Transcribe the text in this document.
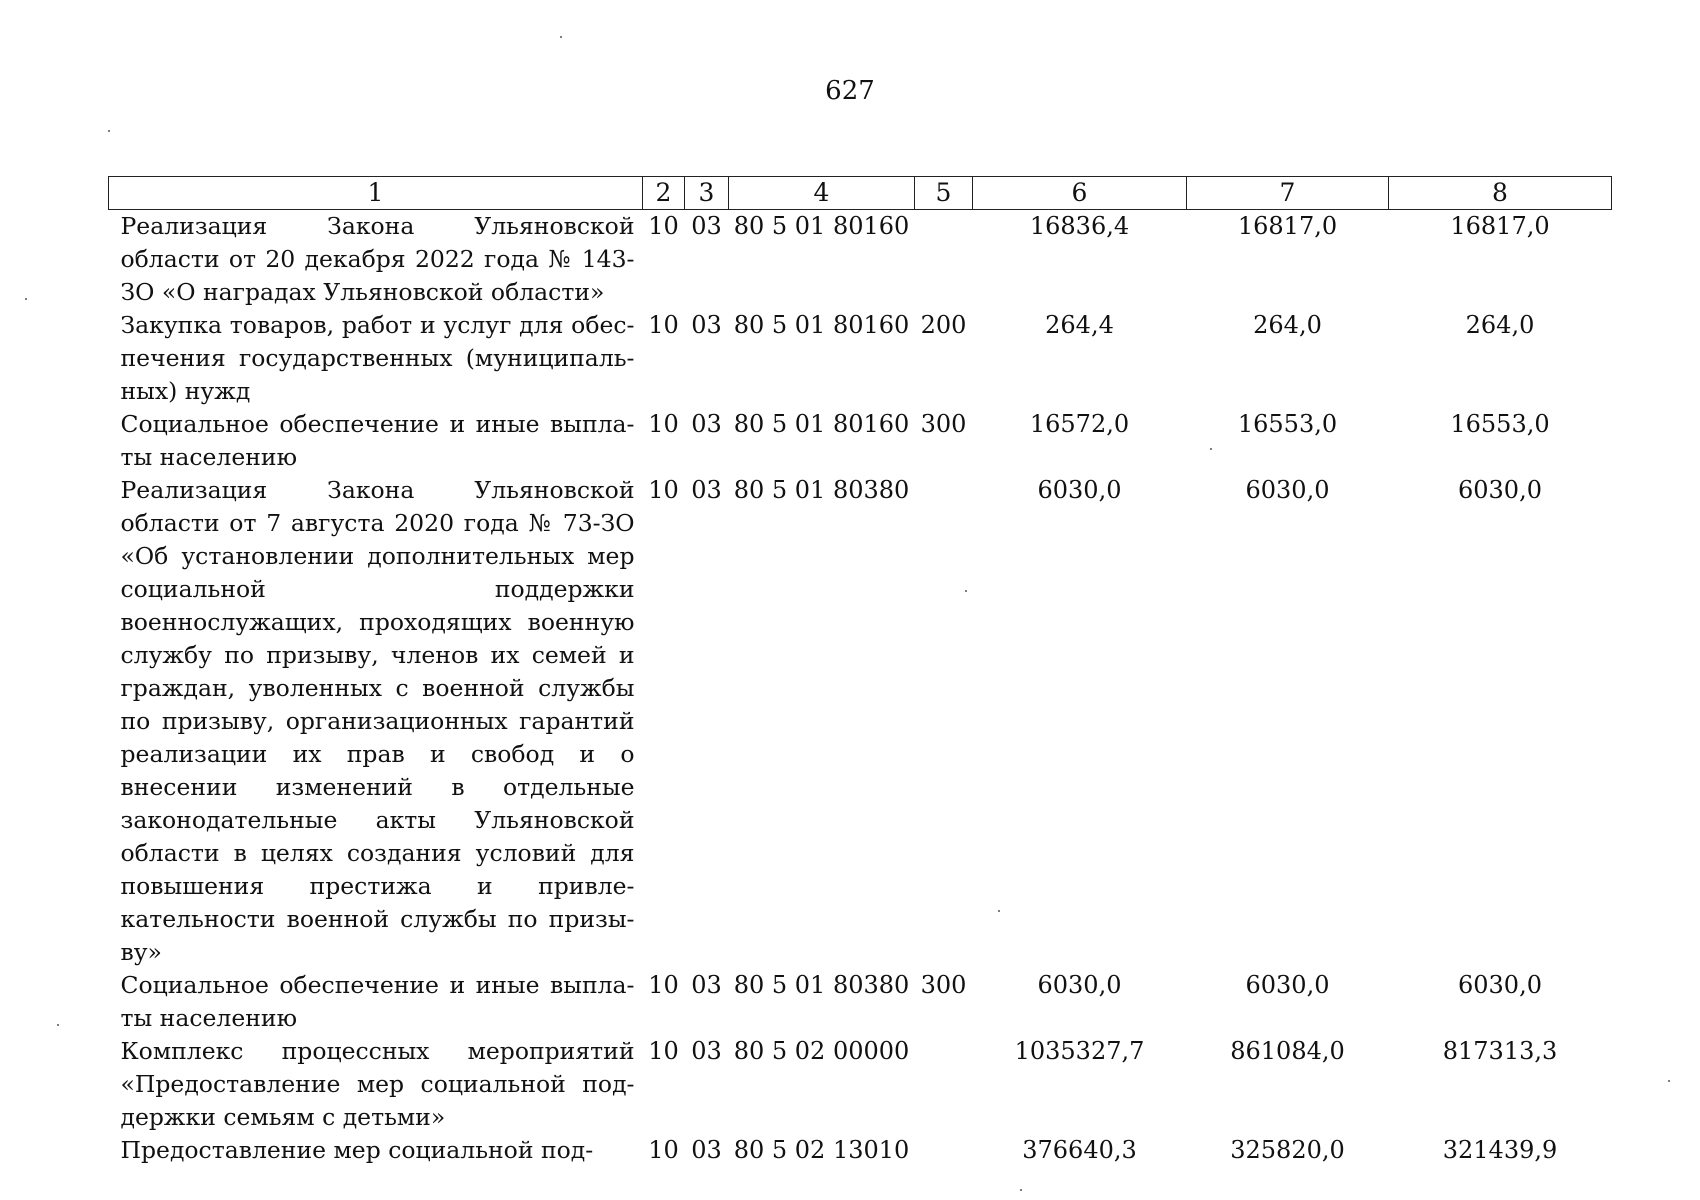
627
1	2	3	4	5	6	7	8
Реализация Закона Ульяновской области от 20 декабря 2022 года № 143-ЗО «О наградах Ульяновской области»	10	03	80 5 01 80160		16836,4	16817,0	16817,0
Закупка товаров, работ и услуг для обеспечения государственных (муниципальных) нужд	10	03	80 5 01 80160	200	264,4	264,0	264,0
Социальное обеспечение и иные выплаты населению	10	03	80 5 01 80160	300	16572,0	16553,0	16553,0
Реализация Закона Ульяновской области от 7 августа 2020 года № 73-ЗО «Об установлении дополнительных мер социальной поддержки военнослужащих, проходящих военную службу по призыву, членов их семей и граждан, уволенных с военной службы по призыву, организационных гарантий реализации их прав и свобод и о внесении изменений в отдельные законодательные акты Ульяновской области в целях создания условий для повышения престижа и привлекательности военной службы по призыву»	10	03	80 5 01 80380		6030,0	6030,0	6030,0
Социальное обеспечение и иные выплаты населению	10	03	80 5 01 80380	300	6030,0	6030,0	6030,0
Комплекс процессных мероприятий «Предоставление мер социальной поддержки семьям с детьми»	10	03	80 5 02 00000		1035327,7	861084,0	817313,3
Предоставление мер социальной под-	10	03	80 5 02 13010		376640,3	325820,0	321439,9
